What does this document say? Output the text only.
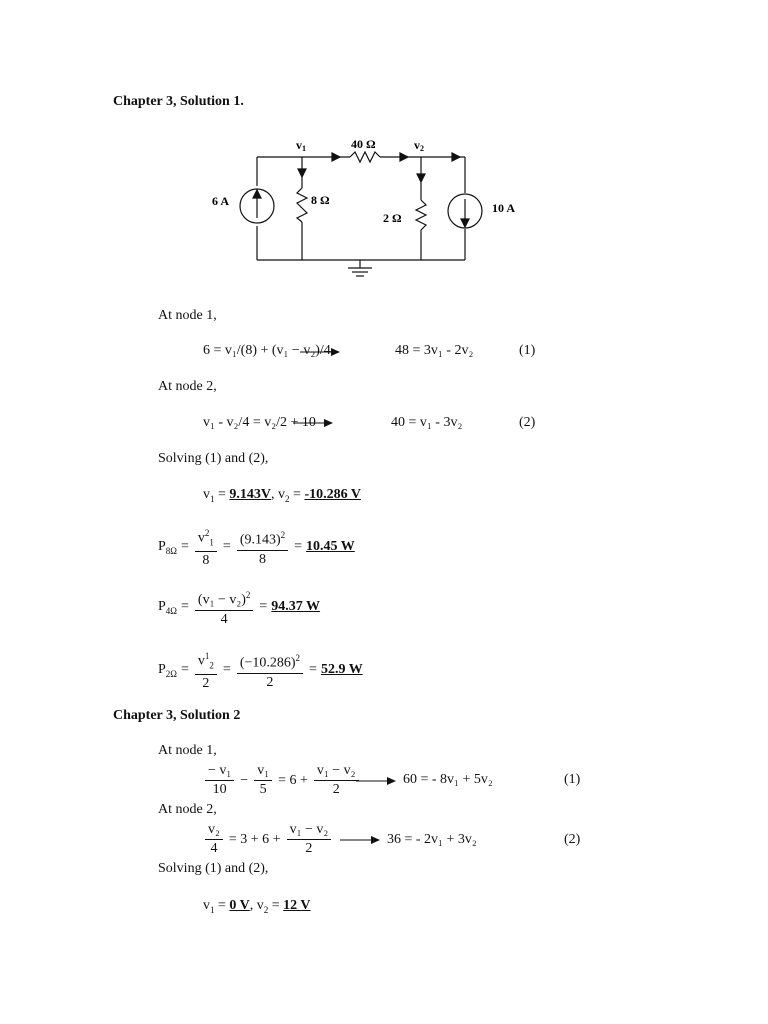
Chapter 3, Solution 1.
v1	v2
40 Ω
8 Ω
2 Ω
6 A	10 A
At node 1,
6 = v₁/(8) + (v₁ − v₂)/4	48 = 3v₁ - 2v₂	(1)
At node 2,
v₁ - v₂/4 = v₂/2 + 10	40 = v₁ - 3v₂	(2)
Solving (1) and (2),
$v_1 = 9.143V$, $v_2 = -10.286$ V
$P_{8\Omega} = \frac{v^2_1}{8} = \frac{(9.143)^2}{8} = 10.45$ W
$P_{4\Omega} = \frac{(v_1 - v_2)^2}{4} = 94.37$ W
$P_{2\Omega} = \frac{v^1_2}{2} = \frac{(-10.286)^2}{2} = 52.9$ W
Chapter 3, Solution 2
At node 1,
$\frac{\text{− v₁}}{10} - \frac{\text{v₁}}{5} = 6 + \frac{\text{v₁ − v₂}}{2}$	60 = - 8v₁ + 5v₂	(1)
At node 2,
$\frac{\text{v₂}}{4} = 3 + 6 + \frac{\text{v₁ − v₂}}{2}$	36 = - 2v₁ + 3v₂	(2)
Solving (1) and (2),
$v_1 = 0$ V, $v_2 = 12$ V
